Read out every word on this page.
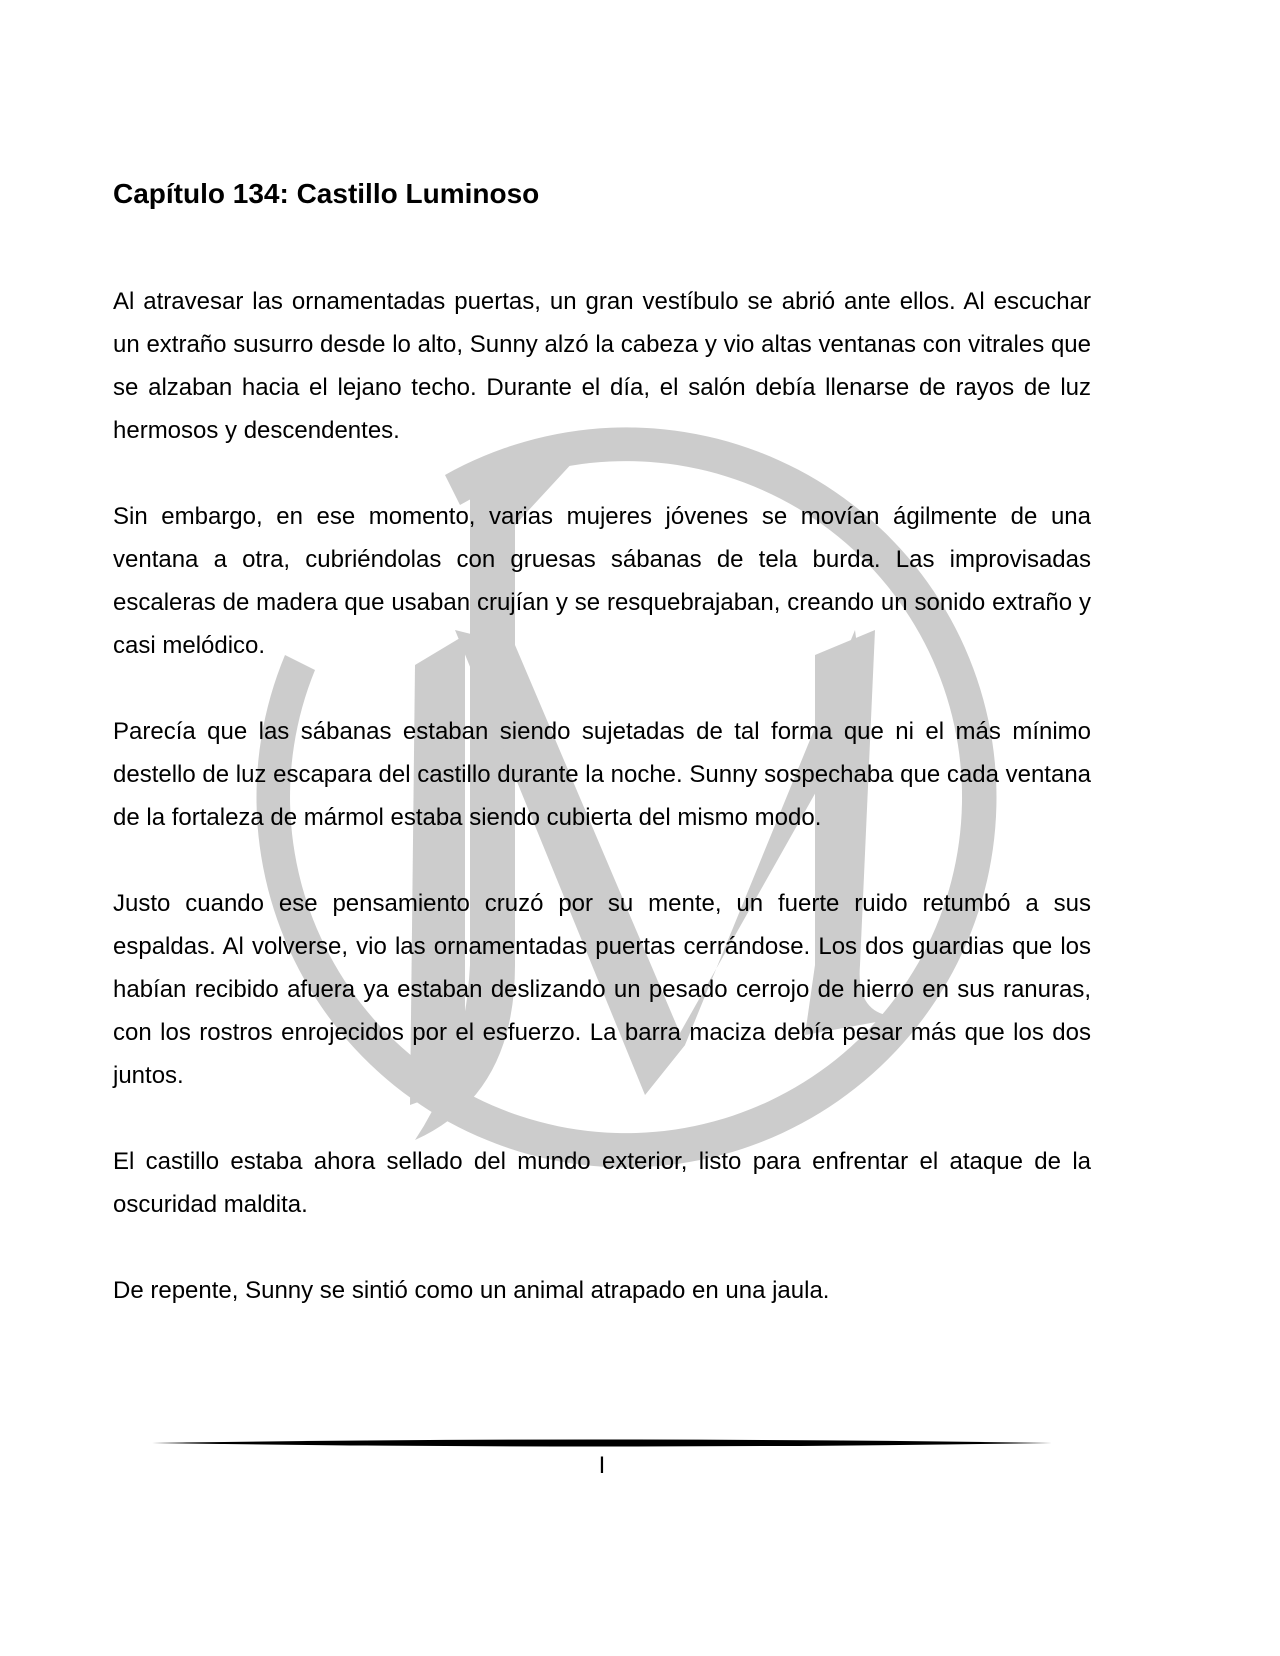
Capítulo 134: Castillo Luminoso

Al atravesar las ornamentadas puertas, un gran vestíbulo se abrió ante ellos. Al escuchar un extraño susurro desde lo alto, Sunny alzó la cabeza y vio altas ventanas con vitrales que se alzaban hacia el lejano techo. Durante el día, el salón debía llenarse de rayos de luz hermosos y descendentes.

Sin embargo, en ese momento, varias mujeres jóvenes se movían ágilmente de una ventana a otra, cubriéndolas con gruesas sábanas de tela burda. Las improvisadas escaleras de madera que usaban crujían y se resquebrajaban, creando un sonido extraño y casi melódico.

Parecía que las sábanas estaban siendo sujetadas de tal forma que ni el más mínimo destello de luz escapara del castillo durante la noche. Sunny sospechaba que cada ventana de la fortaleza de mármol estaba siendo cubierta del mismo modo.

Justo cuando ese pensamiento cruzó por su mente, un fuerte ruido retumbó a sus espaldas. Al volverse, vio las ornamentadas puertas cerrándose. Los dos guardias que los habían recibido afuera ya estaban deslizando un pesado cerrojo de hierro en sus ranuras, con los rostros enrojecidos por el esfuerzo. La barra maciza debía pesar más que los dos juntos.

El castillo estaba ahora sellado del mundo exterior, listo para enfrentar el ataque de la oscuridad maldita.

De repente, Sunny se sintió como un animal atrapado en una jaula.

I
